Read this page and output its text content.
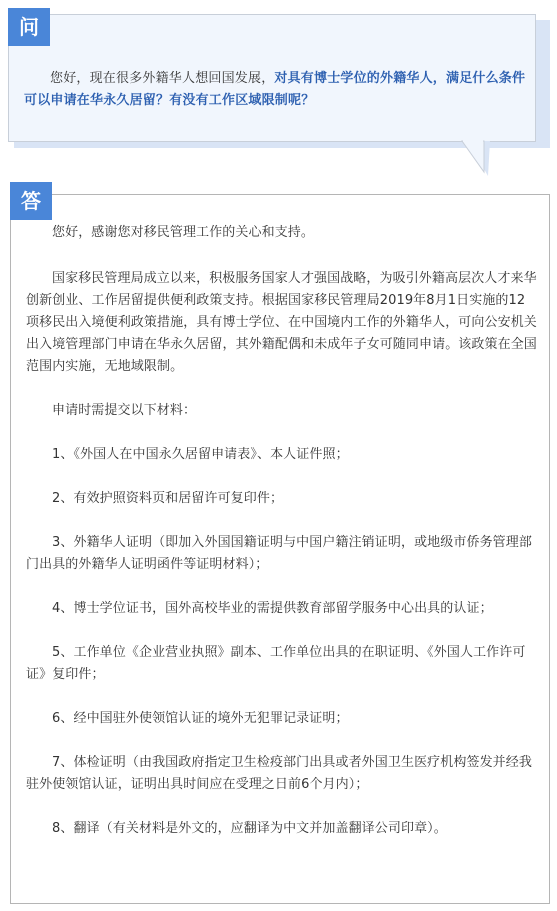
问
您好，现在很多外籍华人想回国发展，对具有博士学位的外籍华人，满足什么条件可以申请在华永久居留？有没有工作区域限制呢？
答

您好，感谢您对移民管理工作的关心和支持。

国家移民管理局成立以来，积极服务国家人才强国战略，为吸引外籍高层次人才来华创新创业、工作居留提供便利政策支持。根据国家移民管理局2019年8月1日实施的12项移民出入境便利政策措施，具有博士学位、在中国境内工作的外籍华人，可向公安机关出入境管理部门申请在华永久居留，其外籍配偶和未成年子女可随同申请。该政策在全国范围内实施，无地域限制。

申请时需提交以下材料：

1、《外国人在中国永久居留申请表》、本人证件照；

2、有效护照资料页和居留许可复印件；

3、外籍华人证明（即加入外国国籍证明与中国户籍注销证明，或地级市侨务管理部门出具的外籍华人证明函件等证明材料）；

4、博士学位证书，国外高校毕业的需提供教育部留学服务中心出具的认证；

5、工作单位《企业营业执照》副本、工作单位出具的在职证明、《外国人工作许可证》复印件；

6、经中国驻外使领馆认证的境外无犯罪记录证明；

7、体检证明（由我国政府指定卫生检疫部门出具或者外国卫生医疗机构签发并经我驻外使领馆认证，证明出具时间应在受理之日前6个月内）；

8、翻译（有关材料是外文的，应翻译为中文并加盖翻译公司印章）。
